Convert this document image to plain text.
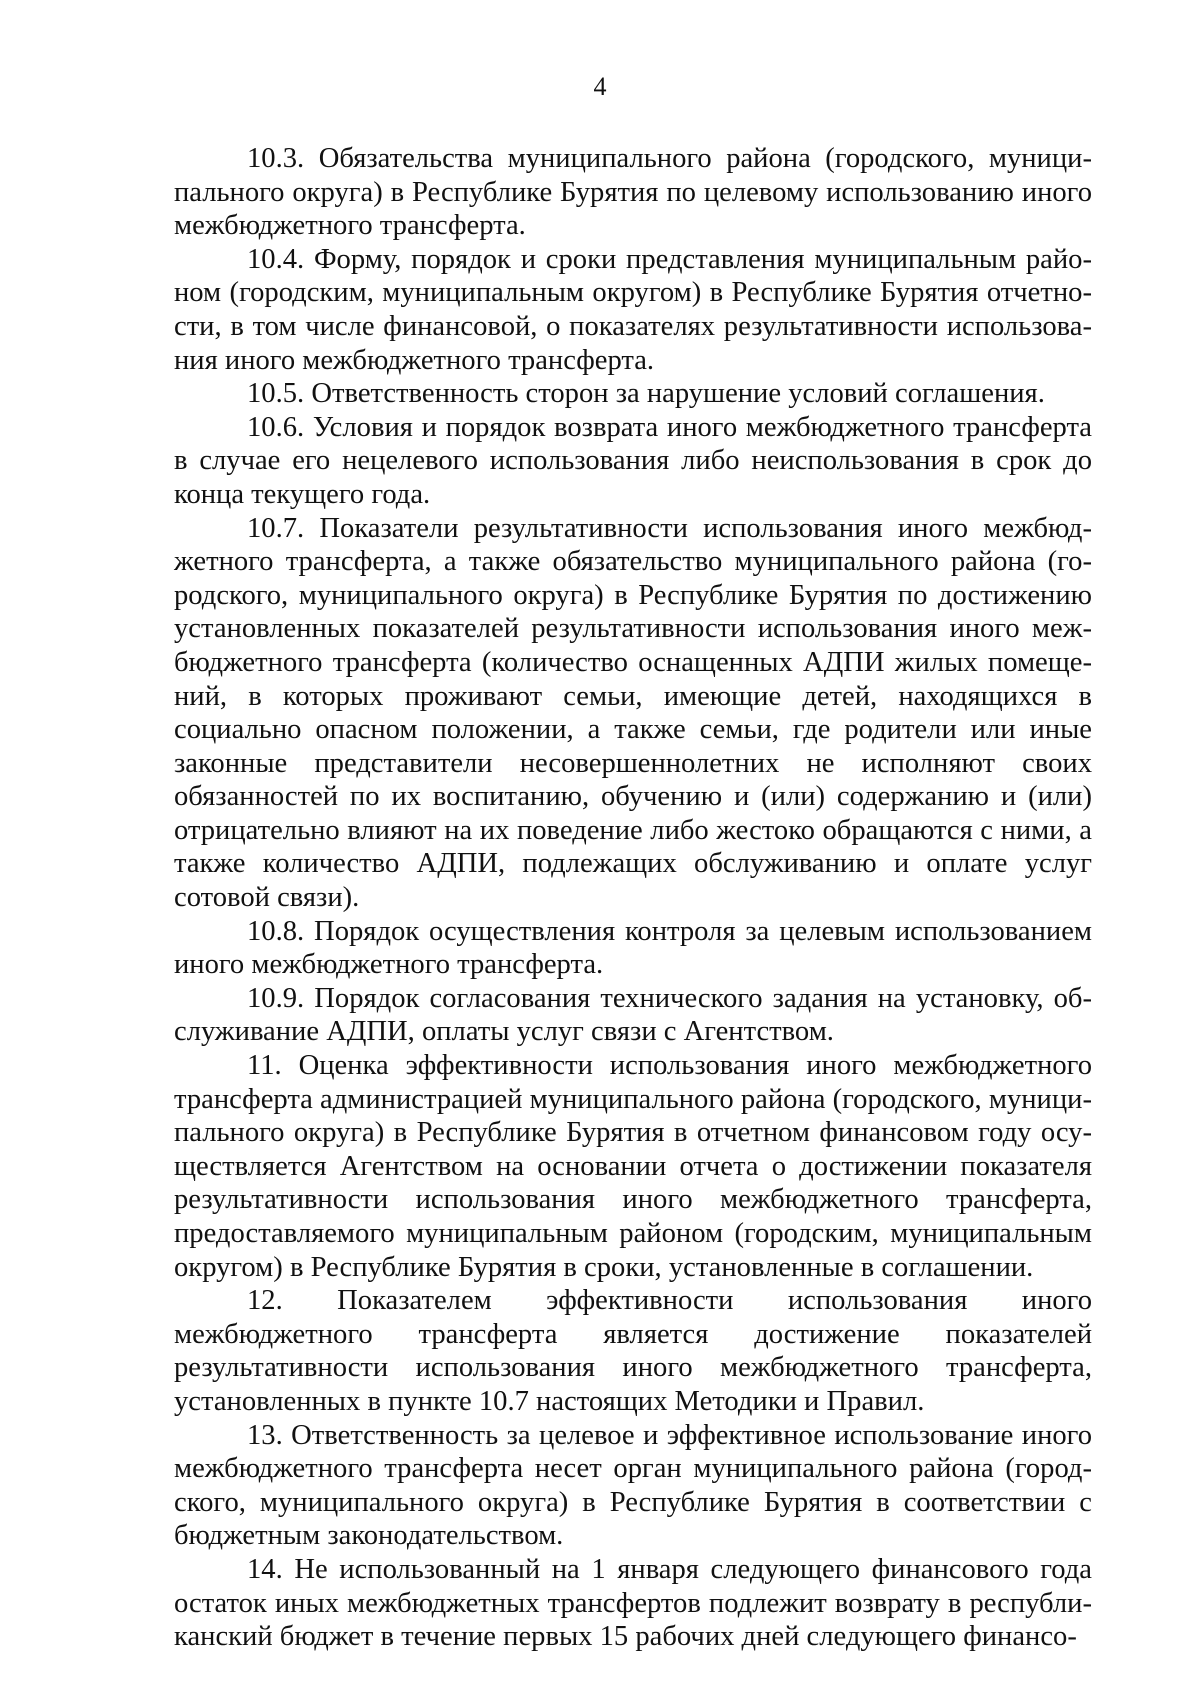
4

10.3. Обязательства муниципального района (городского, муниципального округа) в Республике Бурятия по целевому использованию иного межбюджетного трансферта.

10.4. Форму, порядок и сроки представления муниципальным районом (городским, муниципальным округом) в Республике Бурятия отчетности, в том числе финансовой, о показателях результативности использования иного межбюджетного трансферта.

10.5. Ответственность сторон за нарушение условий соглашения.

10.6. Условия и порядок возврата иного межбюджетного трансферта в случае его нецелевого использования либо неиспользования в срок до конца текущего года.

10.7. Показатели результативности использования иного межбюджетного трансферта, а также обязательство муниципального района (городского, муниципального округа) в Республике Бурятия по достижению установленных показателей результативности использования иного межбюджетного трансферта (количество оснащенных АДПИ жилых помещений, в которых проживают семьи, имеющие детей, находящихся в социально опасном положении, а также семьи, где родители или иные законные представители несовершеннолетних не исполняют своих обязанностей по их воспитанию, обучению и (или) содержанию и (или) отрицательно влияют на их поведение либо жестоко обращаются с ними, а также количество АДПИ, подлежащих обслуживанию и оплате услуг сотовой связи).

10.8. Порядок осуществления контроля за целевым использованием иного межбюджетного трансферта.

10.9. Порядок согласования технического задания на установку, обслуживание АДПИ, оплаты услуг связи с Агентством.

11. Оценка эффективности использования иного межбюджетного трансферта администрацией муниципального района (городского, муниципального округа) в Республике Бурятия в отчетном финансовом году осуществляется Агентством на основании отчета о достижении показателя результативности использования иного межбюджетного трансферта, предоставляемого муниципальным районом (городским, муниципальным округом) в Республике Бурятия в сроки, установленные в соглашении.

12. Показателем эффективности использования иного межбюджетного трансферта является достижение показателей результативности использования иного межбюджетного трансферта, установленных в пункте 10.7 настоящих Методики и Правил.

13. Ответственность за целевое и эффективное использование иного межбюджетного трансферта несет орган муниципального района (городского, муниципального округа) в Республике Бурятия в соответствии с бюджетным законодательством.

14. Не использованный на 1 января следующего финансового года остаток иных межбюджетных трансфертов подлежит возврату в республиканский бюджет в течение первых 15 рабочих дней следующего финансо-
